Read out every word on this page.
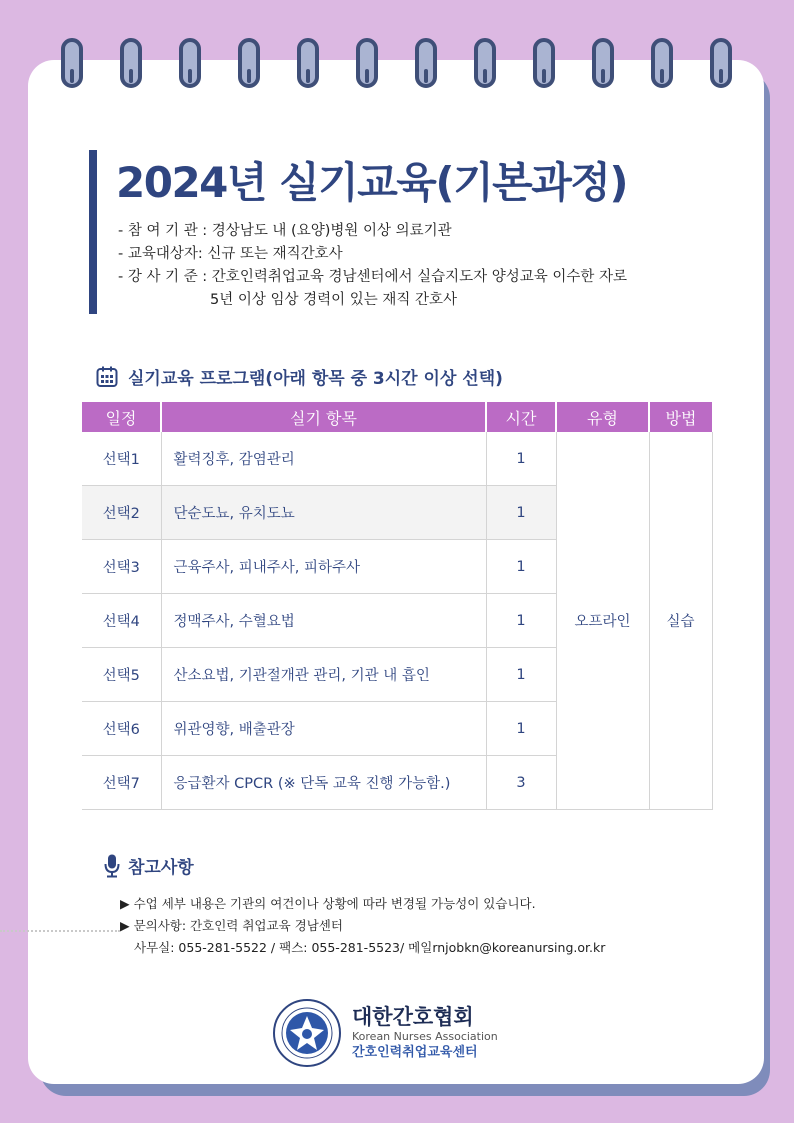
2024년 실기교육(기본과정)
- 참 여 기 관 : 경상남도 내 (요양)병원 이상 의료기관
- 교육대상자: 신규 또는 재직간호사
- 강 사 기 준 : 간호인력취업교육 경남센터에서 실습지도자 양성교육 이수한 자로
5년 이상 임상 경력이 있는 재직 간호사
실기교육 프로그램(아래 항목 중 3시간 이상 선택)
일정	실기 항목	시간	유형	방법
선택1	활력징후, 감염관리	1	오프라인	실습
선택2	단순도뇨, 유치도뇨	1		
선택3	근육주사, 피내주사, 피하주사	1		
선택4	정맥주사, 수혈요법	1		
선택5	산소요법, 기관절개관 관리, 기관 내 흡인	1		
선택6	위관영향, 배출관장	1		
선택7	응급환자 CPCR (※ 단독 교육 진행 가능함.)	3		
참고사항
▶ 수업 세부 내용은 기관의 여건이나 상황에 따라 변경될 가능성이 있습니다.
▶ 문의사항: 간호인력 취업교육 경남센터
사무실: 055-281-5522 / 팩스: 055-281-5523/ 메일rnjobkn@koreanursing.or.kr
대한간호협회
Korean Nurses Association
간호인력취업교육센터
